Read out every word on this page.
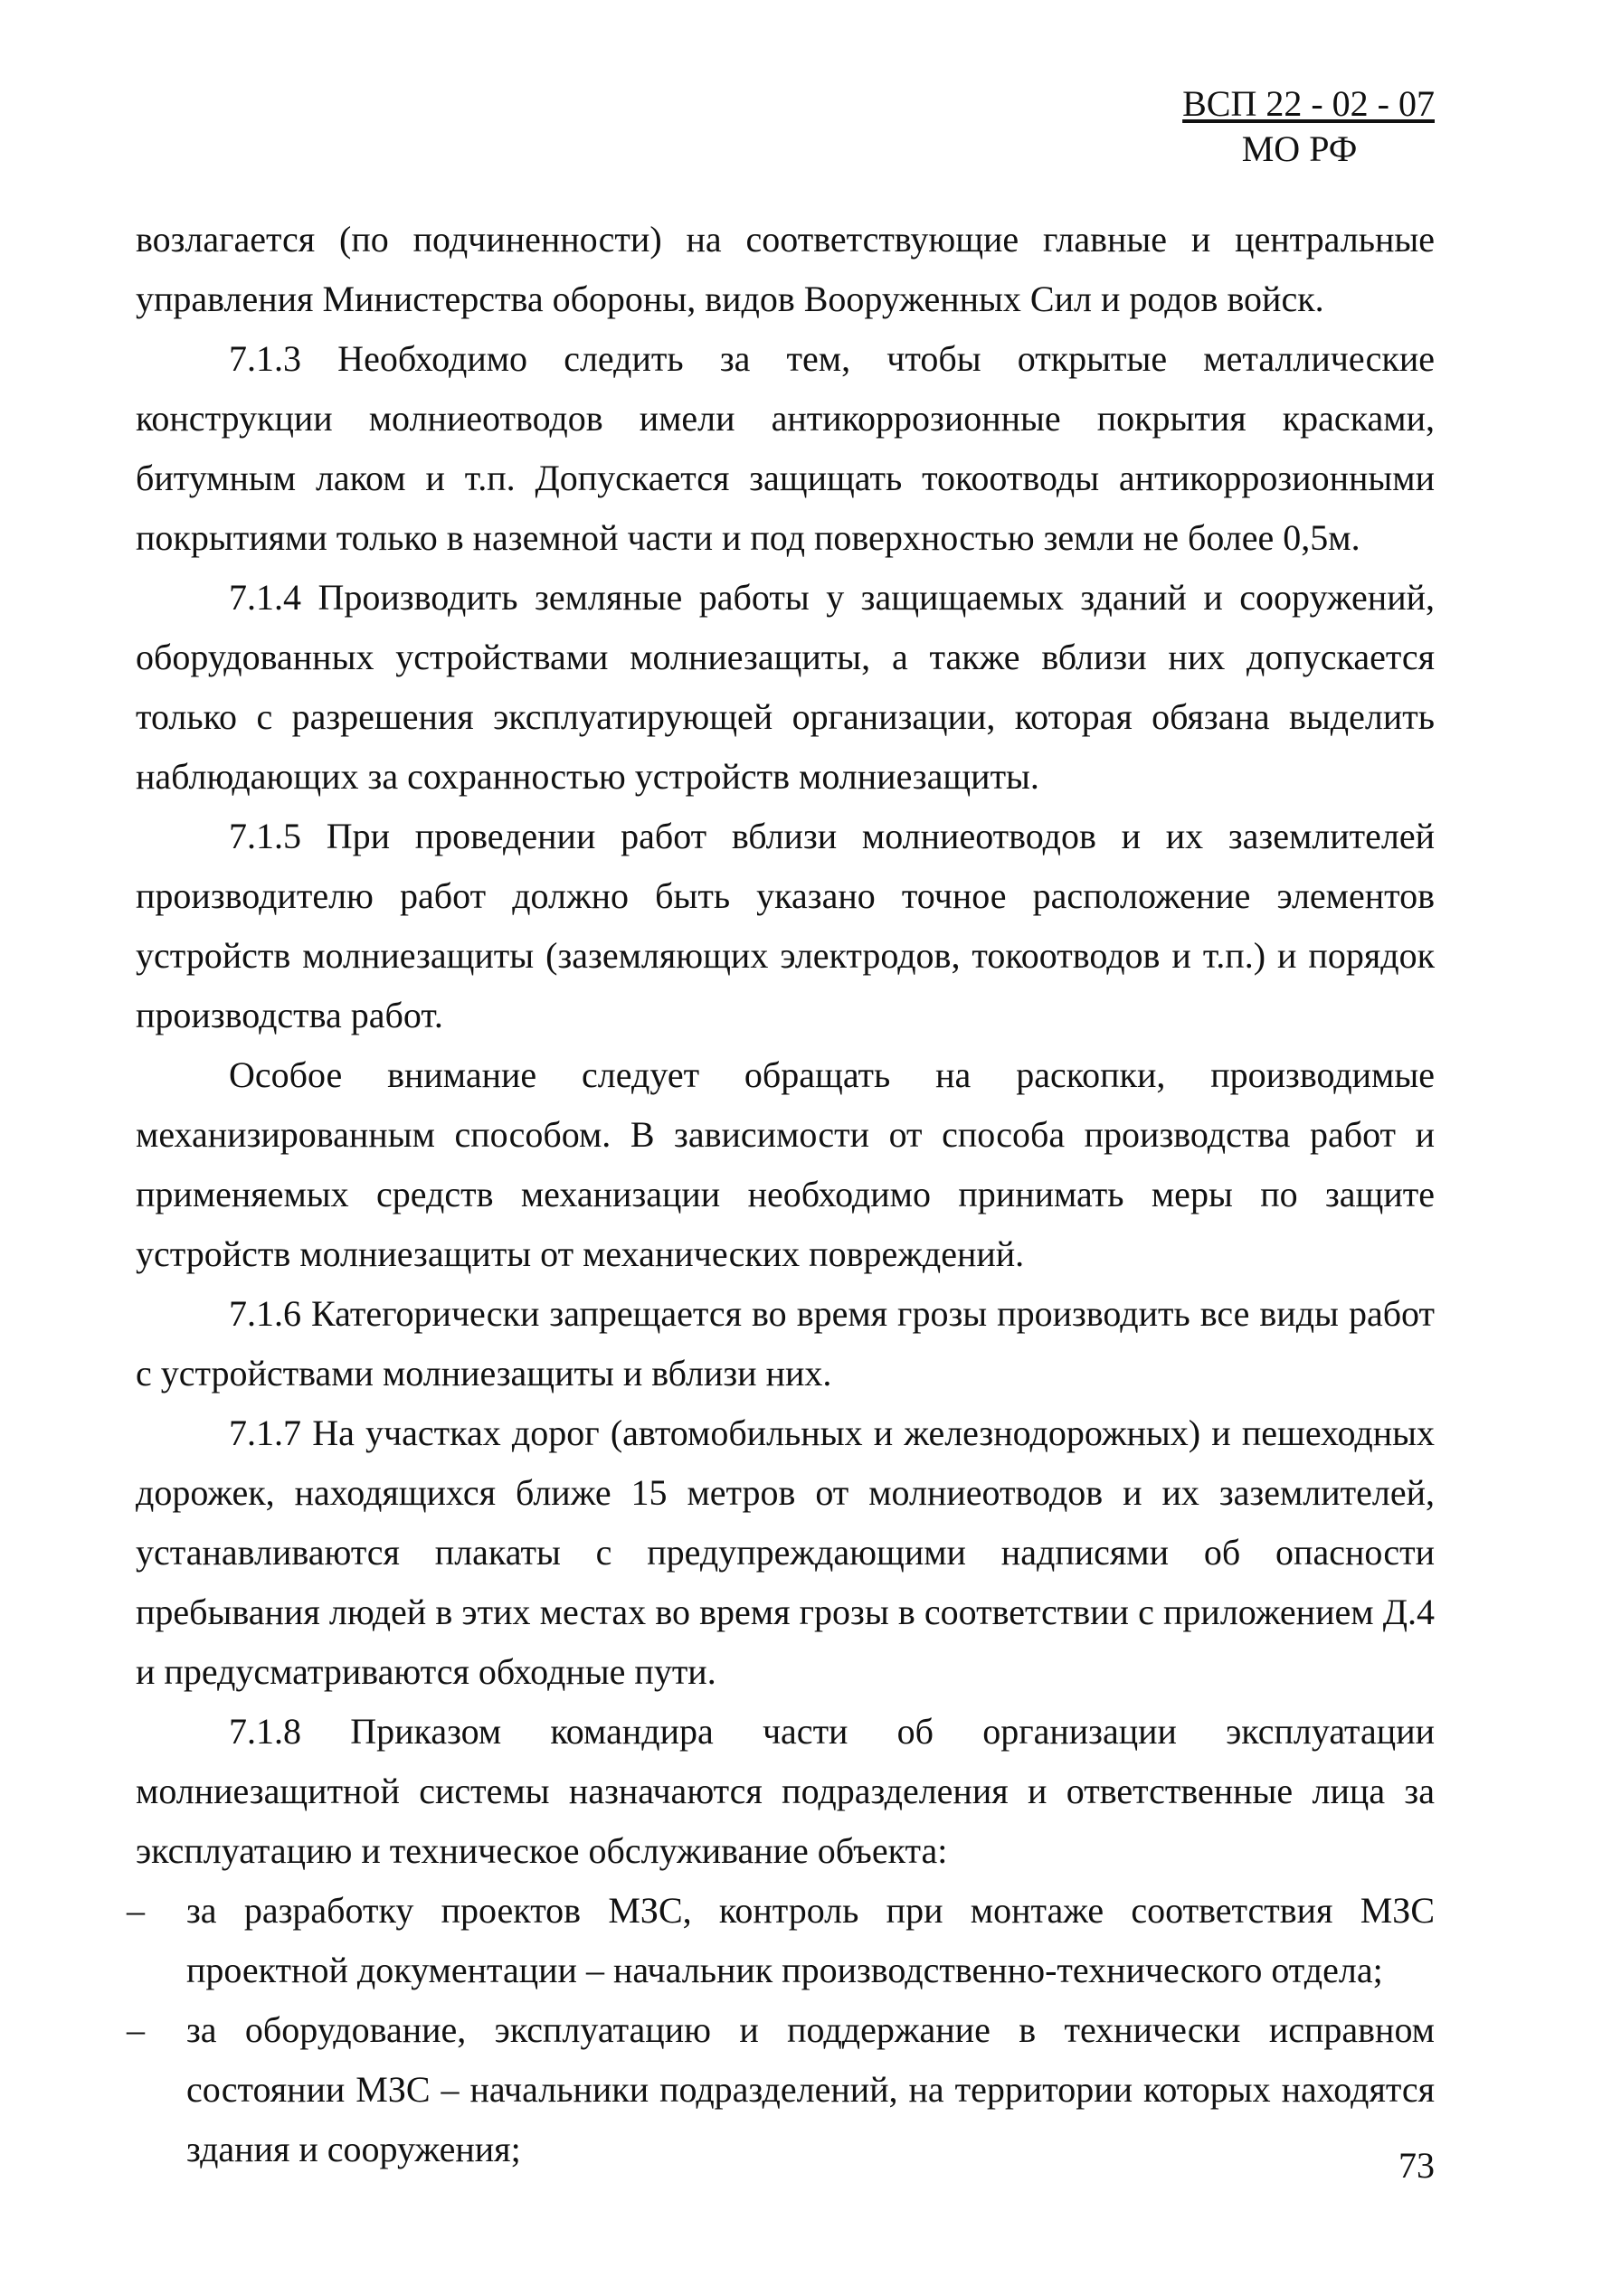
ВСП 22 - 02 - 07
МО РФ

возлагается (по подчиненности) на соответствующие главные и центральные управления Министерства обороны, видов Вооруженных Сил и родов войск.

7.1.3 Необходимо следить за тем, чтобы открытые металлические конструкции молниеотводов имели антикоррозионные покрытия красками, битумным лаком и т.п. Допускается защищать токоотводы антикоррозионными покрытиями только в наземной части и под поверхностью земли не более 0,5м.

7.1.4 Производить земляные работы у защищаемых зданий и сооружений, оборудованных устройствами молниезащиты, а также вблизи них допускается только с разрешения эксплуатирующей организации, которая обязана выделить наблюдающих за сохранностью устройств молниезащиты.

7.1.5 При проведении работ вблизи молниеотводов и их заземлителей производителю работ должно быть указано точное расположение элементов устройств молниезащиты (заземляющих электродов, токоотводов и т.п.) и порядок производства работ.

Особое внимание следует обращать на раскопки, производимые механизированным способом. В зависимости от способа производства работ и применяемых средств механизации необходимо принимать меры по защите устройств молниезащиты от механических повреждений.

7.1.6 Категорически запрещается во время грозы производить все виды работ с устройствами молниезащиты и вблизи них.

7.1.7 На участках дорог (автомобильных и железнодорожных) и пешеходных дорожек, находящихся ближе 15 метров от молниеотводов и их заземлителей, устанавливаются плакаты с предупреждающими надписями об опасности пребывания людей в этих местах во время грозы в соответствии с приложением Д.4 и предусматриваются обходные пути.

7.1.8 Приказом командира части об организации эксплуатации молниезащитной системы назначаются подразделения и ответственные лица за эксплуатацию и техническое обслуживание объекта:

– за разработку проектов МЗС, контроль при монтаже соответствия МЗС проектной документации – начальник производственно-технического отдела;
– за оборудование, эксплуатацию и поддержание в технически исправном состоянии МЗС – начальники подразделений, на территории которых находятся здания и сооружения;	73
